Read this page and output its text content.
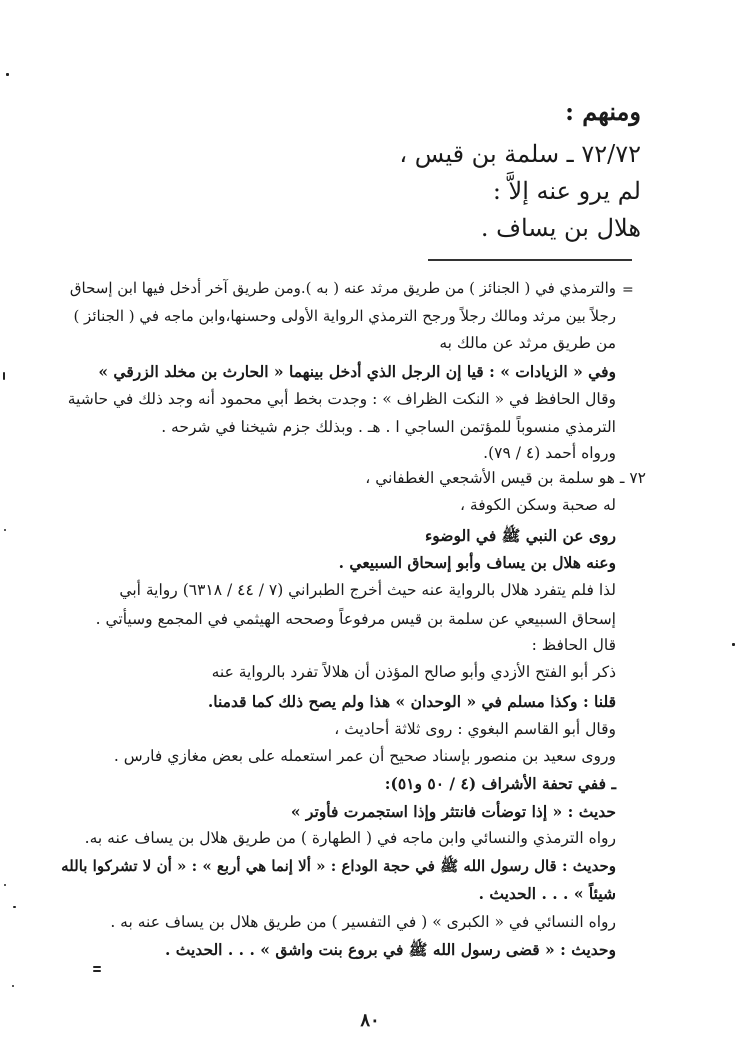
ومنهم :
٧٢/٧٢ ـ سلمة بن قيس ،
لم يرو عنه إلاَّ :
هلال بن يساف .
=
والترمذي في ( الجنائز ) من طريق مرثد عنه ( به ).ومن طريق آخر أدخل فيها ابن إسحاق
رجلاً بين مرثد ومالك رجلاً ورجح الترمذي الرواية الأولى وحسنها،وابن ماجه في ( الجنائز )
من طريق مرثد عن مالك به
وفي « الزيادات » : قيا إن الرجل الذي أدخل بينهما « الحارث بن مخلد الزرقي »
وقال الحافظ في « النكت الظراف » : وجدت بخط أبي محمود أنه وجد ذلك في حاشية
الترمذي منسوباً للمؤتمن الساجي ا . هـ . وبذلك جزم شيخنا في شرحه .
ورواه أحمد (٤ / ٧٩).
٧٢ ـ هو سلمة بن قيس الأشجعي الغطفاني ،
له صحبة وسكن الكوفة ،
روى عن النبي ﷺ في الوضوء
وعنه هلال بن يساف وأبو إسحاق السبيعي .
لذا فلم يتفرد هلال بالرواية عنه حيث أخرج الطبراني (٧ / ٤٤ / ٦٣١٨) رواية أبي
إسحاق السبيعي عن سلمة بن قيس مرفوعاً وصححه الهيثمي في المجمع وسيأتي .
قال الحافظ :
ذكر أبو الفتح الأزدي وأبو صالح المؤذن أن هلالاً تفرد بالرواية عنه
قلنا : وكذا مسلم في « الوحدان » هذا ولم يصح ذلك كما قدمنا.
وقال أبو القاسم البغوي : روى ثلاثة أحاديث ،
وروى سعيد بن منصور بإسناد صحيح أن عمر استعمله على بعض مغازي فارس .
ـ ففي تحفة الأشراف (٤ / ٥٠ و٥١):
حديث : « إذا توضأت فانتثر وإذا استجمرت فأوتر »
رواه الترمذي والنسائي وابن ماجه في ( الطهارة ) من طريق هلال بن يساف عنه به.
وحديث : قال رسول الله ﷺ في حجة الوداع : « ألا إنما هي أربع » : « أن لا تشركوا بالله
شيئاً » . . . الحديث .
رواه النسائي في « الكبرى » ( في التفسير ) من طريق هلال بن يساف عنه به .
وحديث : « قضى رسول الله ﷺ في بروع بنت واشق » . . . الحديث .
٨٠
